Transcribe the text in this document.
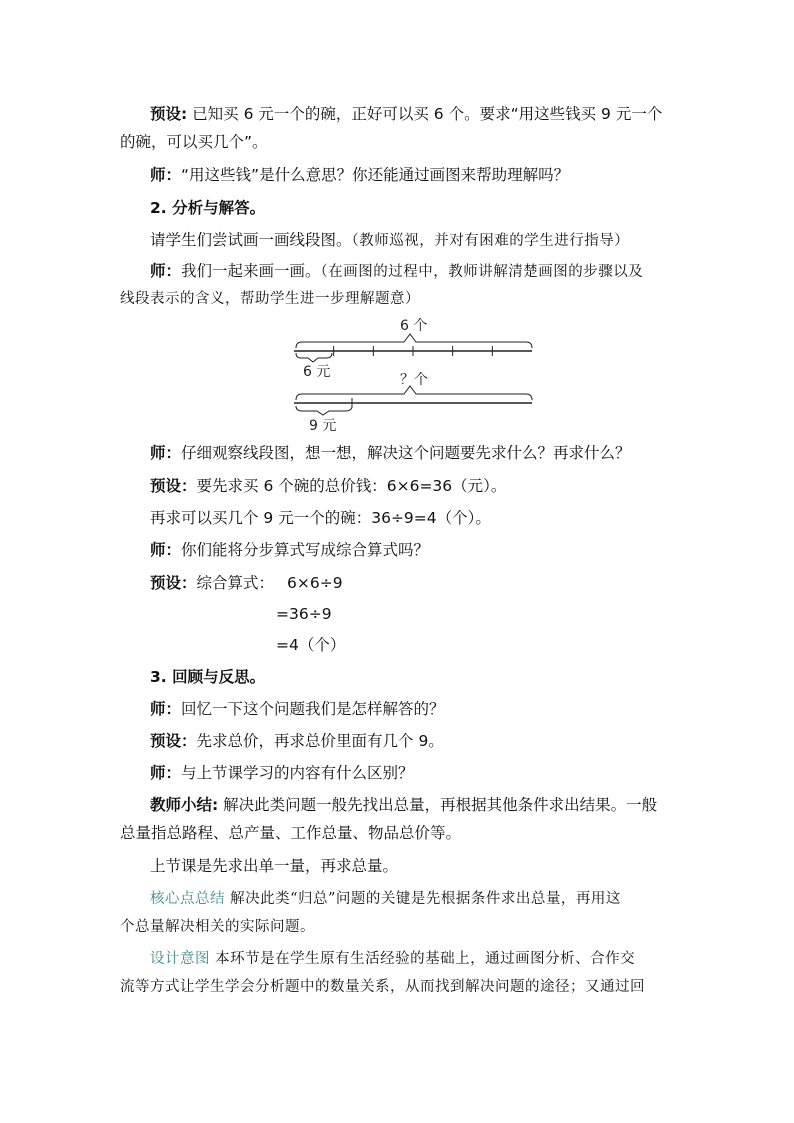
预设: 已知买 6 元一个的碗，正好可以买 6 个。要求“用这些钱买 9 元一个
的碗，可以买几个”。
师：“用这些钱”是什么意思？你还能通过画图来帮助理解吗？
2. 分析与解答。
请学生们尝试画一画线段图。（教师巡视，并对有困难的学生进行指导）
师：我们一起来画一画。（在画图的过程中，教师讲解清楚画图的步骤以及
线段表示的含义，帮助学生进一步理解题意）
6 个
6 元	？个
9 元
师：仔细观察线段图，想一想，解决这个问题要先求什么？再求什么？
预设：要先求买 6 个碗的总价钱：6×6=36（元）。
再求可以买几个 9 元一个的碗：36÷9=4（个）。
师：你们能将分步算式写成综合算式吗？
预设：综合算式： 6×6÷9
=36÷9
=4（个）
3. 回顾与反思。
师：回忆一下这个问题我们是怎样解答的？
预设：先求总价，再求总价里面有几个 9。
师：与上节课学习的内容有什么区别？
教师小结: 解决此类问题一般先找出总量，再根据其他条件求出结果。一般
总量指总路程、总产量、工作总量、物品总价等。
上节课是先求出单一量，再求总量。
核心点总结 解决此类“归总”问题的关键是先根据条件求出总量，再用这
个总量解决相关的实际问题。
设计意图 本环节是在学生原有生活经验的基础上，通过画图分析、合作交
流等方式让学生学会分析题中的数量关系，从而找到解决问题的途径；又通过回
